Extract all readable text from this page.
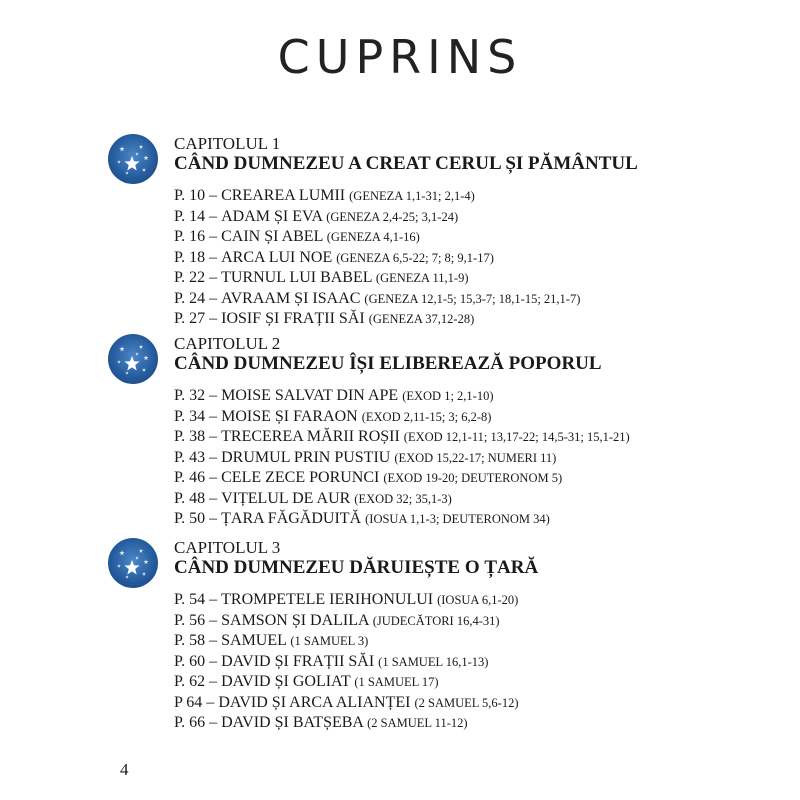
CUPRINS
CAPITOLUL 1
CÂND DUMNEZEU A CREAT CERUL ȘI PĂMÂNTUL
P. 10 – CREAREA LUMII (GENEZA 1,1-31; 2,1-4)
P. 14 – ADAM ȘI EVA (GENEZA 2,4-25; 3,1-24)
P. 16 – CAIN ȘI ABEL (GENEZA 4,1-16)
P. 18 – ARCA LUI NOE (GENEZA 6,5-22; 7; 8; 9,1-17)
P. 22 – TURNUL LUI BABEL (GENEZA 11,1-9)
P. 24 – AVRAAM ȘI ISAAC (GENEZA 12,1-5; 15,3-7; 18,1-15; 21,1-7)
P. 27 – IOSIF ȘI FRAȚII SĂI (GENEZA 37,12-28)
CAPITOLUL 2
CÂND DUMNEZEU ÎȘI ELIBEREAZĂ POPORUL
P. 32 – MOISE SALVAT DIN APE (EXOD 1; 2,1-10)
P. 34 – MOISE ȘI FARAON (EXOD 2,11-15; 3; 6,2-8)
P. 38 – TRECEREA MĂRII ROȘII (EXOD 12,1-11; 13,17-22; 14,5-31; 15,1-21)
P. 43 – DRUMUL PRIN PUSTIU (EXOD 15,22-17; NUMERI 11)
P. 46 – CELE ZECE PORUNCI (EXOD 19-20; DEUTERONOM 5)
P. 48 – VIȚELUL DE AUR (EXOD 32; 35,1-3)
P. 50 – ȚARA FĂGĂDUITĂ (IOSUA 1,1-3; DEUTERONOM 34)
CAPITOLUL 3
CÂND DUMNEZEU DĂRUIEȘTE O ȚARĂ
P. 54 – TROMPETELE IERIHONULUI (IOSUA 6,1-20)
P. 56 – SAMSON ȘI DALILA (JUDECĂTORI 16,4-31)
P. 58 – SAMUEL (1 SAMUEL 3)
P. 60 – DAVID ȘI FRAȚII SĂI (1 SAMUEL 16,1-13)
P. 62 – DAVID ȘI GOLIAT (1 SAMUEL 17)
P 64 – DAVID ȘI ARCA ALIANȚEI (2 SAMUEL 5,6-12)
P. 66 – DAVID ȘI BATȘEBA (2 SAMUEL 11-12)
4
